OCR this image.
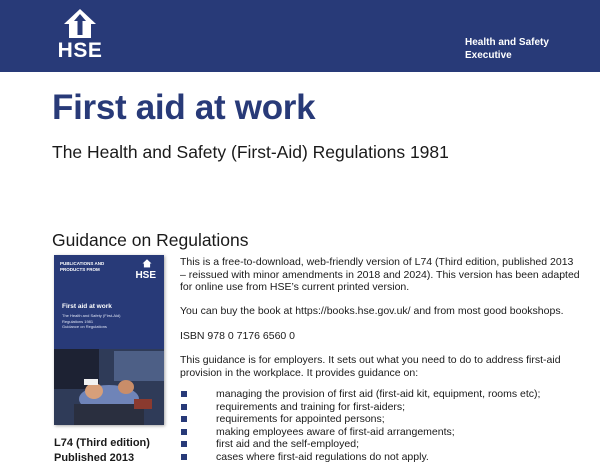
HSE	Health and Safety
Executive
First aid at work
The Health and Safety (First-Aid) Regulations 1981
Guidance on Regulations
PUBLICATIONS AND PRODUCTS FROM
HSE
First aid at work
The Health and Safety (First-Aid)
Regulations 1981
Guidance on Regulations
L74 (Third edition)
Published 2013

This is a free-to-download, web-friendly version of L74 (Third edition, published 2013 – reissued with minor amendments in 2018 and 2024). This version has been adapted for online use from HSE’s current printed version.

You can buy the book at https://books.hse.gov.uk/ and from most good bookshops.

ISBN 978 0 7176 6560 0

This guidance is for employers. It sets out what you need to do to address first-aid provision in the workplace. It provides guidance on:

managing the provision of first aid (first-aid kit, equipment, rooms etc);
requirements and training for first-aiders;
requirements for appointed persons;
making employees aware of first-aid arrangements;
first aid and the self-employed;
cases where first-aid regulations do not apply.
